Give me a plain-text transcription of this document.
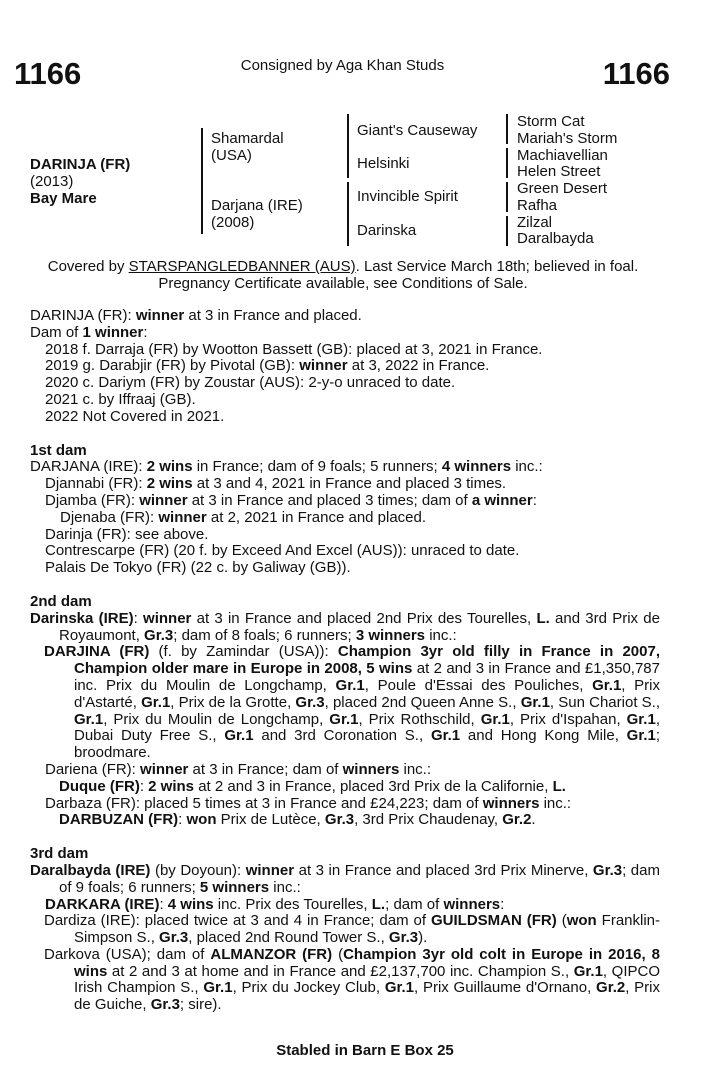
1166	Consigned by Aga Khan Studs	1166
DARINJA (FR)
(2013)
Bay Mare
Shamardal
(USA)
Darjana (IRE)
(2008)
Giant's Causeway
Helsinki
Invincible Spirit
Darinska
Storm Cat
Mariah's Storm
Machiavellian
Helen Street
Green Desert
Rafha
Zilzal
Daralbayda
Covered by STARSPANGLEDBANNER (AUS). Last Service March 18th; believed in foal. Pregnancy Certificate available, see Conditions of Sale.
DARINJA (FR): winner at 3 in France and placed.
Dam of 1 winner:
2018 f. Darraja (FR) by Wootton Bassett (GB): placed at 3, 2021 in France.
2019 g. Darabjir (FR) by Pivotal (GB): winner at 3, 2022 in France.
2020 c. Dariym (FR) by Zoustar (AUS): 2-y-o unraced to date.
2021 c. by Iffraaj (GB).
2022 Not Covered in 2021.
1st dam
DARJANA (IRE): 2 wins in France; dam of 9 foals; 5 runners; 4 winners inc.:
Djannabi (FR): 2 wins at 3 and 4, 2021 in France and placed 3 times.
Djamba (FR): winner at 3 in France and placed 3 times; dam of a winner:
Djenaba (FR): winner at 2, 2021 in France and placed.
Darinja (FR): see above.
Contrescarpe (FR) (20 f. by Exceed And Excel (AUS)): unraced to date.
Palais De Tokyo (FR) (22 c. by Galiway (GB)).
2nd dam
Darinska (IRE): winner at 3 in France and placed 2nd Prix des Tourelles, L. and 3rd Prix de Royaumont, Gr.3; dam of 8 foals; 6 runners; 3 winners inc.:
DARJINA (FR) (f. by Zamindar (USA)): Champion 3yr old filly in France in 2007, Champion older mare in Europe in 2008, 5 wins at 2 and 3 in France and £1,350,787 inc. Prix du Moulin de Longchamp, Gr.1, Poule d'Essai des Pouliches, Gr.1, Prix d'Astarté, Gr.1, Prix de la Grotte, Gr.3, placed 2nd Queen Anne S., Gr.1, Sun Chariot S., Gr.1, Prix du Moulin de Longchamp, Gr.1, Prix Rothschild, Gr.1, Prix d'Ispahan, Gr.1, Dubai Duty Free S., Gr.1 and 3rd Coronation S., Gr.1 and Hong Kong Mile, Gr.1; broodmare.
Dariena (FR): winner at 3 in France; dam of winners inc.:
Duque (FR): 2 wins at 2 and 3 in France, placed 3rd Prix de la Californie, L.
Darbaza (FR): placed 5 times at 3 in France and £24,223; dam of winners inc.:
DARBUZAN (FR): won Prix de Lutèce, Gr.3, 3rd Prix Chaudenay, Gr.2.
3rd dam
Daralbayda (IRE) (by Doyoun): winner at 3 in France and placed 3rd Prix Minerve, Gr.3; dam of 9 foals; 6 runners; 5 winners inc.:
DARKARA (IRE): 4 wins inc. Prix des Tourelles, L.; dam of winners:
Dardiza (IRE): placed twice at 3 and 4 in France; dam of GUILDSMAN (FR) (won Franklin-Simpson S., Gr.3, placed 2nd Round Tower S., Gr.3).
Darkova (USA); dam of ALMANZOR (FR) (Champion 3yr old colt in Europe in 2016, 8 wins at 2 and 3 at home and in France and £2,137,700 inc. Champion S., Gr.1, QIPCO Irish Champion S., Gr.1, Prix du Jockey Club, Gr.1, Prix Guillaume d'Ornano, Gr.2, Prix de Guiche, Gr.3; sire).
Stabled in Barn E Box 25
